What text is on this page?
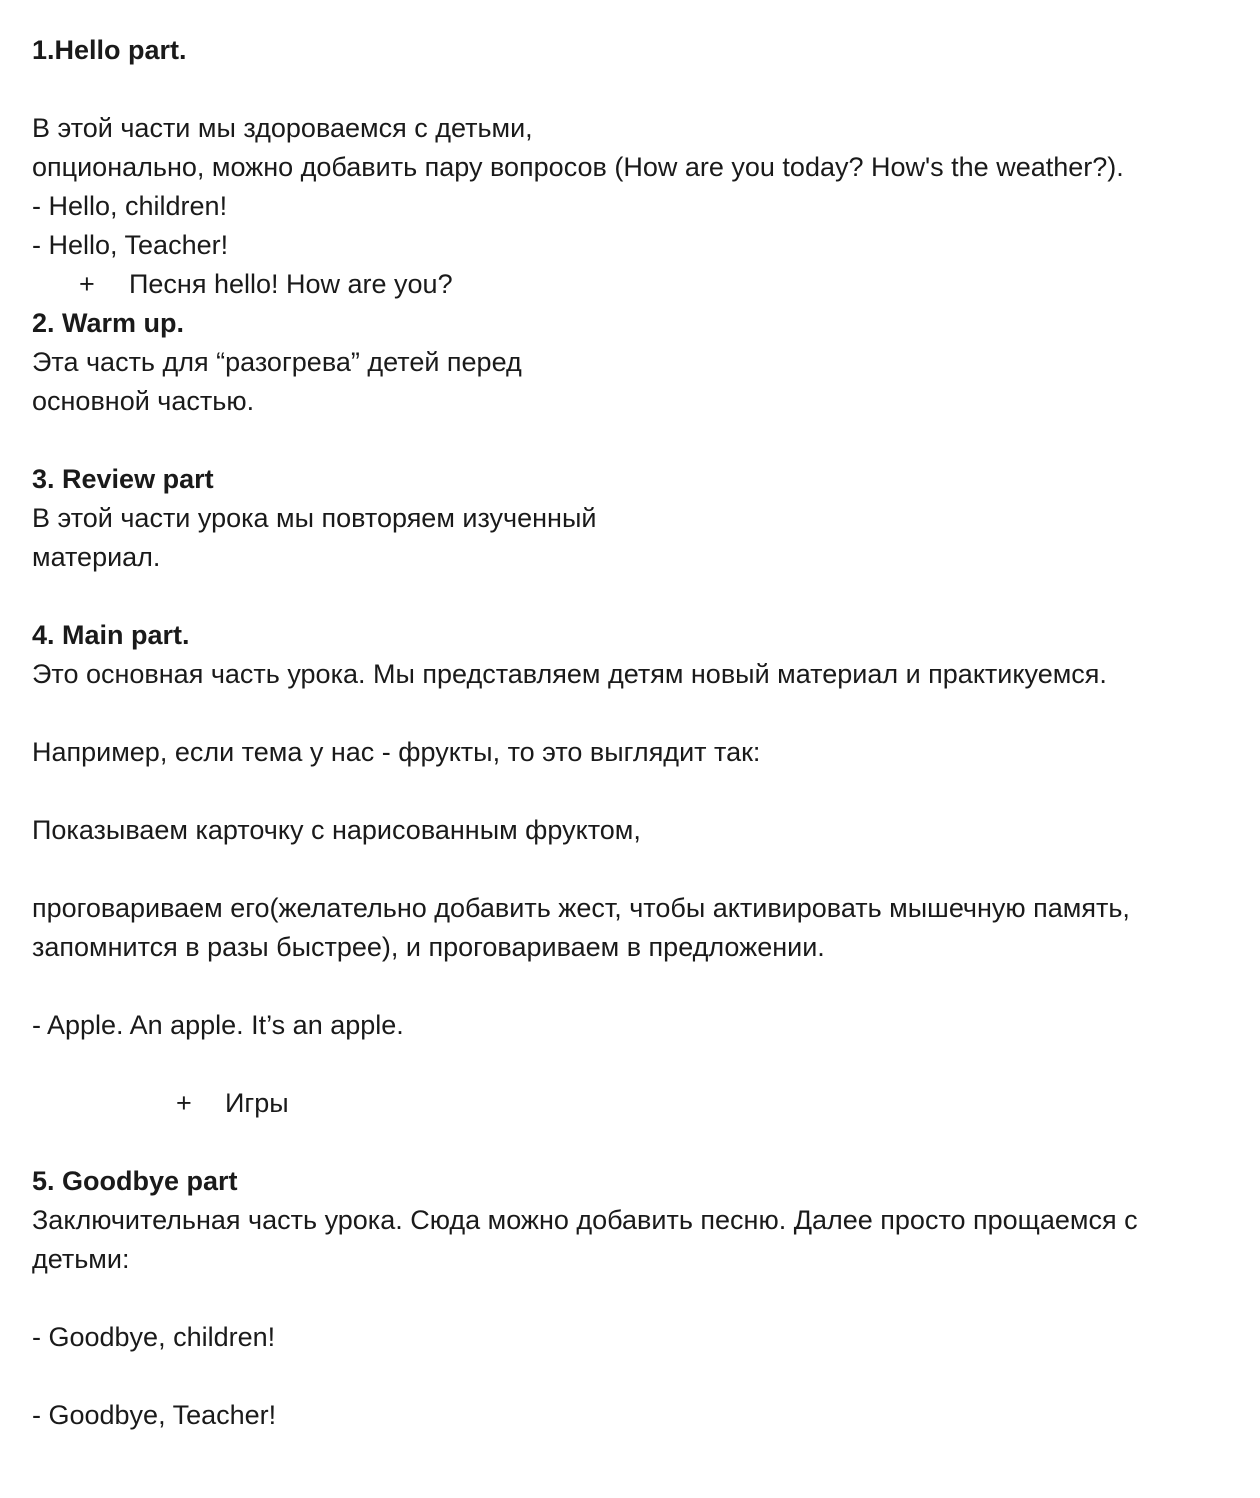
1.Hello part.
В этой части мы здороваемся с детьми,
опционально, можно добавить пару вопросов (How are you today? How's the weather?).
- Hello, children!
- Hello, Teacher!

+

Песня hello! How are you?

2. Warm up.
Эта часть для “разогрева” детей перед
основной частью.
3. Review part
В этой части урока мы повторяем изученный
материал.
4. Main part.
Это основная часть урока. Мы представляем детям новый материал и практикуемся.
Например, если тема у нас - фрукты, то это выглядит так:
Показываем карточку с нарисованным фруктом,
проговариваем его(желательно добавить жест, чтобы активировать мышечную память,
запомнится в разы быстрее), и проговариваем в предложении.
- Apple. An apple. It’s an apple.

+

Игры

5. Goodbye part
Заключительная часть урока. Сюда можно добавить песню. Далее просто прощаемся с
детьми:
- Goodbye, children!
- Goodbye, Teacher!
